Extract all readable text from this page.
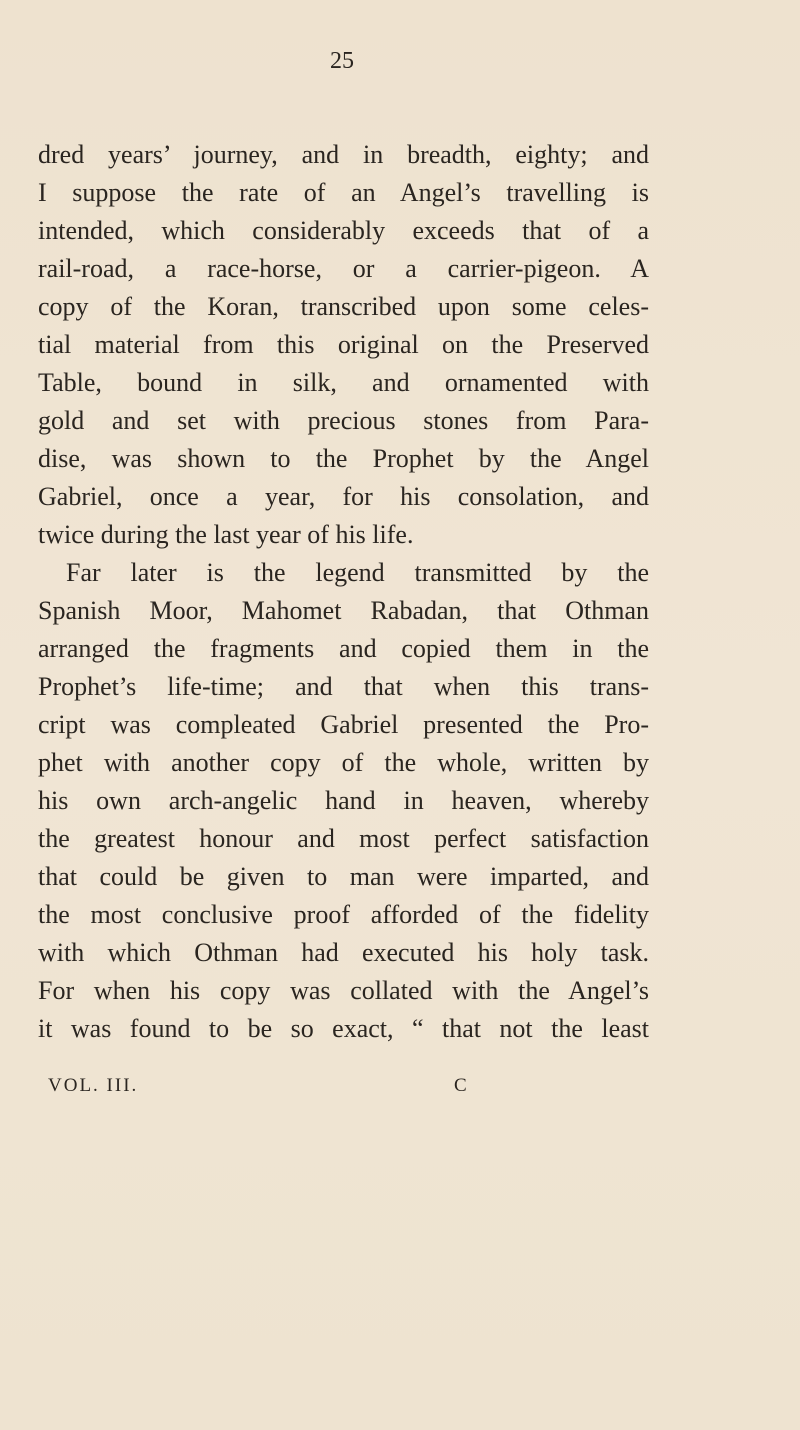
25
dred years’ journey, and in breadth, eighty; and
I suppose the rate of an Angel’s travelling is
intended, which considerably exceeds that of a
rail-road, a race-horse, or a carrier-pigeon. A
copy of the Koran, transcribed upon some celes-
tial material from this original on the Preserved
Table, bound in silk, and ornamented with
gold and set with precious stones from Para-
dise, was shown to the Prophet by the Angel
Gabriel, once a year, for his consolation, and
twice during the last year of his life.
Far later is the legend transmitted by the
Spanish Moor, Mahomet Rabadan, that Othman
arranged the fragments and copied them in the
Prophet’s life-time; and that when this trans-
cript was compleated Gabriel presented the Pro-
phet with another copy of the whole, written by
his own arch-angelic hand in heaven, whereby
the greatest honour and most perfect satisfaction
that could be given to man were imparted, and
the most conclusive proof afforded of the fidelity
with which Othman had executed his holy task.
For when his copy was collated with the Angel’s
it was found to be so exact, “ that not the least
VOL. III.	C
